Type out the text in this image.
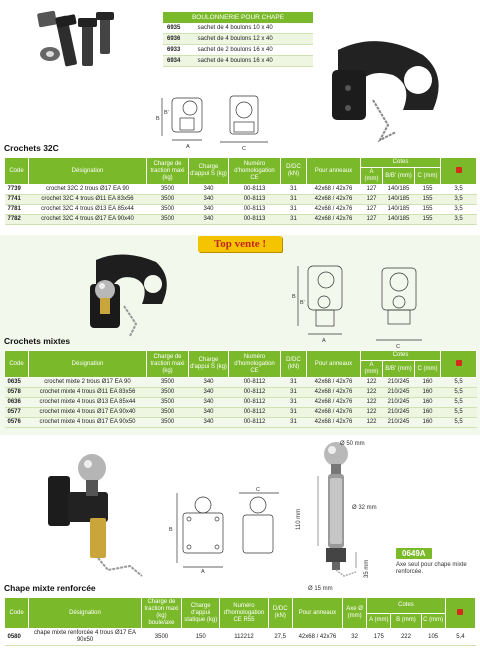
BOULONNERIE POUR CHAPE	
6935	sachet de 4 boulons 10 x 40
6936	sachet de 4 boulons 12 x 40
6933	sachet de 2 boulons 16 x 40
6934	sachet de 4 boulons 16 x 40
B
A	C
B'
Crochets 32C
Code	Désignation	Charge de traction maxi (kg)	Charge d'appui S (kg)	Numéro d'homologation CE	D/DC (kN)	Pour anneaux	Cotes			
							A (mm)	B/B' (mm)	C (mm)	
7739	crochet 32C 2 trous Ø17 EA 90	3500	340	00-8113	31	42x68 / 42x76	127	140/185	155	3,5
7741	crochet 32C 4 trous Ø11 EA 83x56	3500	340	00-8113	31	42x68 / 42x76	127	140/185	155	3,5
7781	crochet 32C 4 trous Ø13 EA 85x44	3500	340	00-8113	31	42x68 / 42x76	127	140/185	155	3,5
7782	crochet 32C 4 trous Ø17 EA 90x40	3500	340	00-8113	31	42x68 / 42x76	127	140/185	155	3,5
Top vente !
B
B'
A
C
Crochets mixtes
Code	Désignation	Charge de traction maxi (kg)	Charge d'appui S (kg)	Numéro d'homologation CE	D/DC (kN)	Pour anneaux	Cotes			
							A (mm)	B/B' (mm)	C (mm)	
0635	crochet mixte 2 trous Ø17 EA 90	3500	340	00-8112	31	42x68 / 42x76	122	210/245	160	5,5
0578	crochet mixte 4 trous Ø11 EA 83x56	3500	340	00-8112	31	42x68 / 42x76	122	210/245	160	5,5
0636	crochet mixte 4 trous Ø13 EA 85x44	3500	340	00-8112	31	42x68 / 42x76	122	210/245	160	5,5
0577	crochet mixte 4 trous Ø17 EA 90x40	3500	340	00-8112	31	42x68 / 42x76	122	210/245	160	5,5
0576	crochet mixte 4 trous Ø17 EA 90x50	3500	340	00-8112	31	42x68 / 42x76	122	210/245	160	5,5
B
A
C
Ø 50 mm
Ø 32 mm
110 mm
35 mm
Ø 15 mm
0649A
Axe seul pour chape mixte renforcée.
Chape mixte renforcée
Code	Désignation	Charge de traction maxi (kg) boule/axe	Charge d'appui statique (kg)	Numéro d'homologation CE R55	D/DC (kN)	Pour anneaux	Axe Ø (mm)	Cotes			
								A (mm)	B (mm)	C (mm)	
0580	chape mixte renforcée 4 trous Ø17 EA 90x50	3500	150	112212	27,5	42x68 / 42x76	32	175	222	105	5,4
